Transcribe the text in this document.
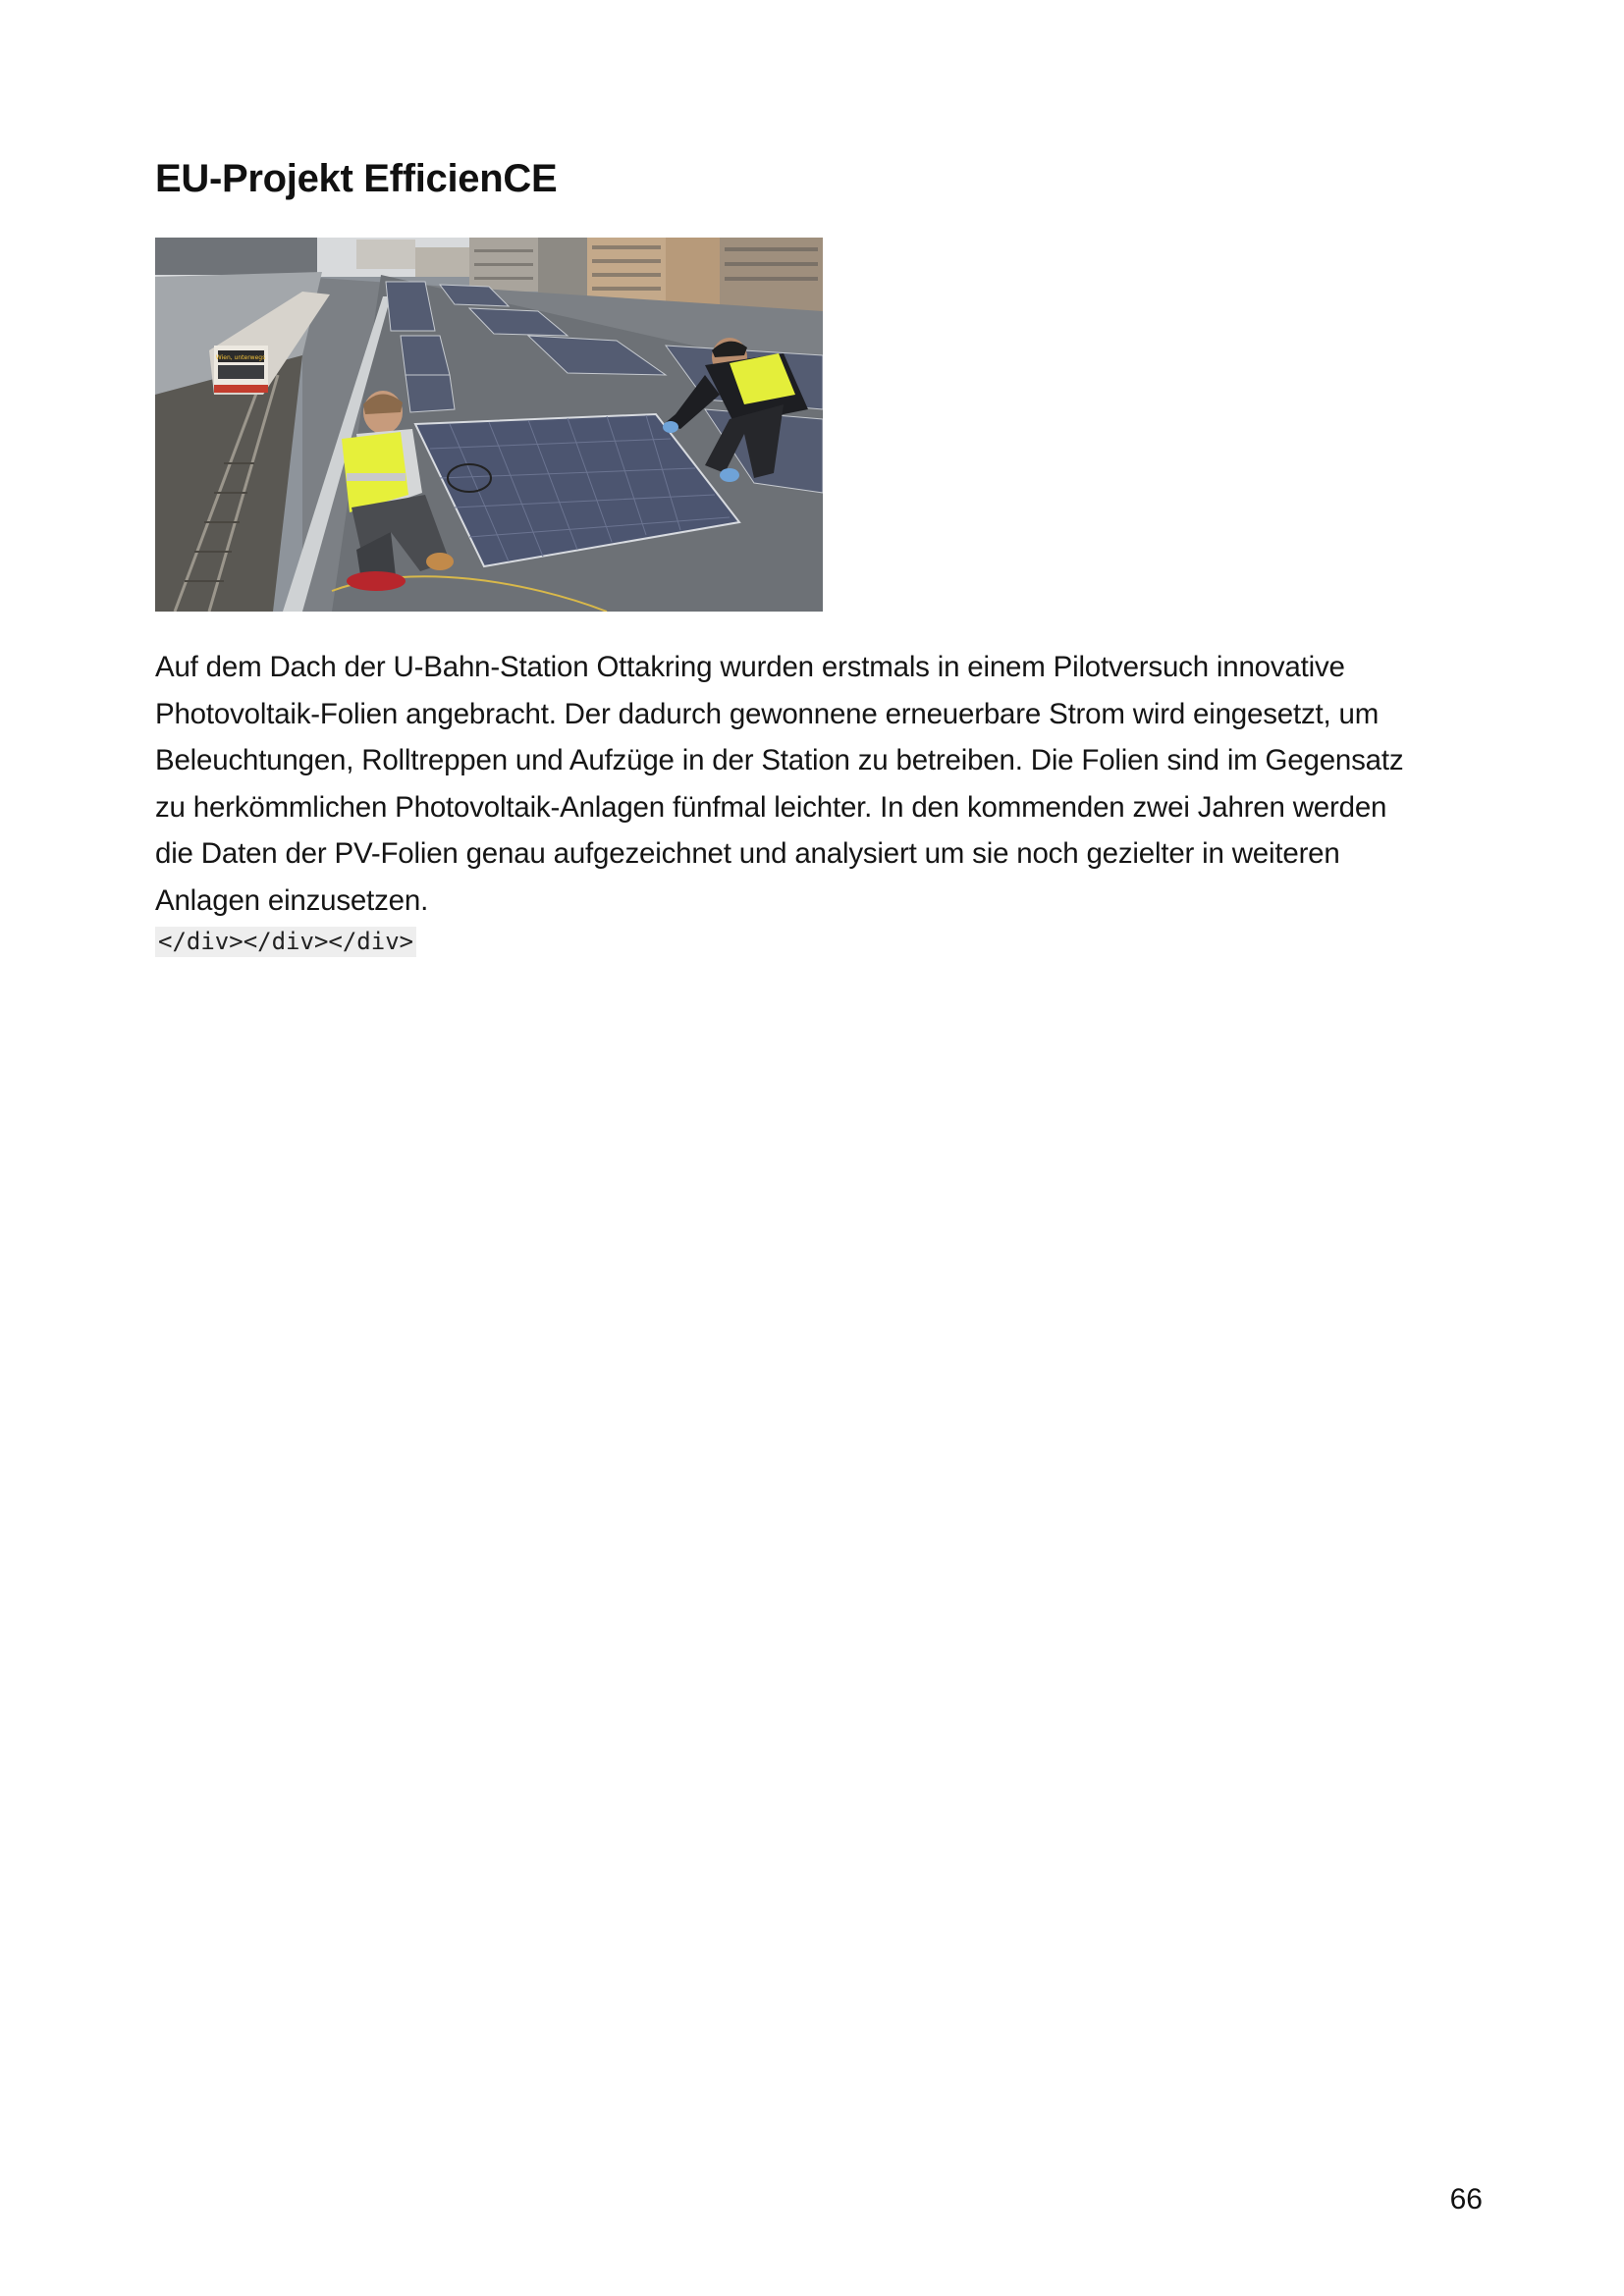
EU-Projekt EfficienCE
Wien, unterwegs

Auf dem Dach der U-Bahn-Station Ottakring wurden erstmals in einem Pilotversuch innovative
Photovoltaik-Folien angebracht. Der dadurch gewonnene erneuerbare Strom wird eingesetzt, um
Beleuchtungen, Rolltreppen und Aufzüge in der Station zu betreiben. Die Folien sind im Gegensatz
zu herkömmlichen Photovoltaik-Anlagen fünfmal leichter. In den kommenden zwei Jahren werden
die Daten der PV-Folien genau aufgezeichnet und analysiert um sie noch gezielter in weiteren
Anlagen einzusetzen.

</div></div></div>
66
